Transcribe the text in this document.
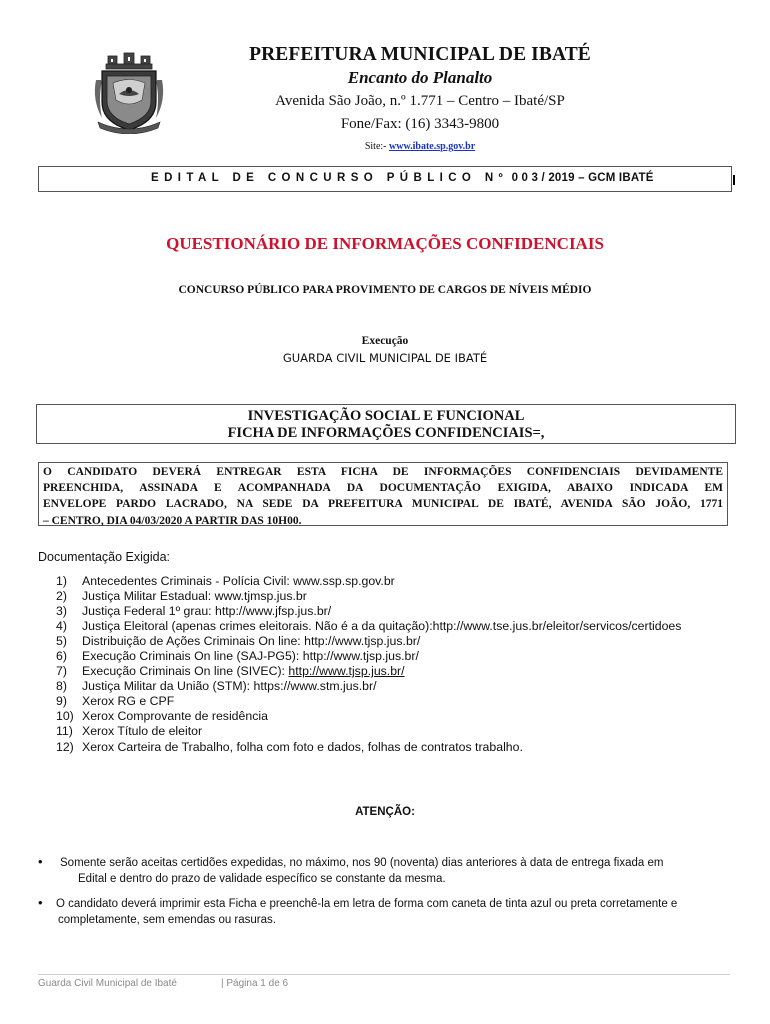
PREFEITURA MUNICIPAL DE IBATÉ
Encanto do Planalto
Avenida São João, n.º 1.771 – Centro – Ibaté/SP
Fone/Fax: (16) 3343-9800
Site:- www.ibate.sp.gov.br
EDITAL DE CONCURSO PÚBLICO Nº 0 0 3 / 2019 – GCM IBATÉ
QUESTIONÁRIO DE INFORMAÇÕES CONFIDENCIAIS
CONCURSO PÚBLICO PARA PROVIMENTO DE CARGOS DE NÍVEIS MÉDIO
Execução
GUARDA CIVIL MUNICIPAL DE IBATÉ
INVESTIGAÇÃO SOCIAL E FUNCIONAL
FICHA DE INFORMAÇÕES CONFIDENCIAIS=,
O CANDIDATO DEVERÁ ENTREGAR ESTA FICHA DE INFORMAÇÕES CONFIDENCIAIS DEVIDAMENTE
PREENCHIDA, ASSINADA E ACOMPANHADA DA DOCUMENTAÇÃO EXIGIDA, ABAIXO INDICADA EM
ENVELOPE PARDO LACRADO, NA SEDE DA PREFEITURA MUNICIPAL DE IBATÉ, AVENIDA SÃO JOÃO, 1771
– CENTRO, DIA 04/03/2020 A PARTIR DAS 10H00.
Documentação Exigida:
1) Antecedentes Criminais - Polícia Civil: www.ssp.sp.gov.br
2) Justiça Militar Estadual: www.tjmsp.jus.br
3) Justiça Federal 1º grau: http://www.jfsp.jus.br/
4) Justiça Eleitoral (apenas crimes eleitorais. Não é a da quitação):http://www.tse.jus.br/eleitor/servicos/certidoes
5) Distribuição de Ações Criminais On line: http://www.tjsp.jus.br/
6) Execução Criminais On line (SAJ-PG5): http://www.tjsp.jus.br/
7) Execução Criminais On line (SIVEC): http://www.tjsp.jus.br/
8) Justiça Militar da União (STM): https://www.stm.jus.br/
9) Xerox RG e CPF
10) Xerox Comprovante de residência
11) Xerox Título de eleitor
12) Xerox Carteira de Trabalho, folha com foto e dados, folhas de contratos trabalho.
ATENÇÃO:
• Somente serão aceitas certidões expedidas, no máximo, nos 90 (noventa) dias anteriores à data de entrega fixada em
Edital e dentro do prazo de validade específico se constante da mesma.
• O candidato deverá imprimir esta Ficha e preenchê-la em letra de forma com caneta de tinta azul ou preta corretamente e
completamente, sem emendas ou rasuras.
Guarda Civil Municipal de Ibaté	| Página 1 de 6
